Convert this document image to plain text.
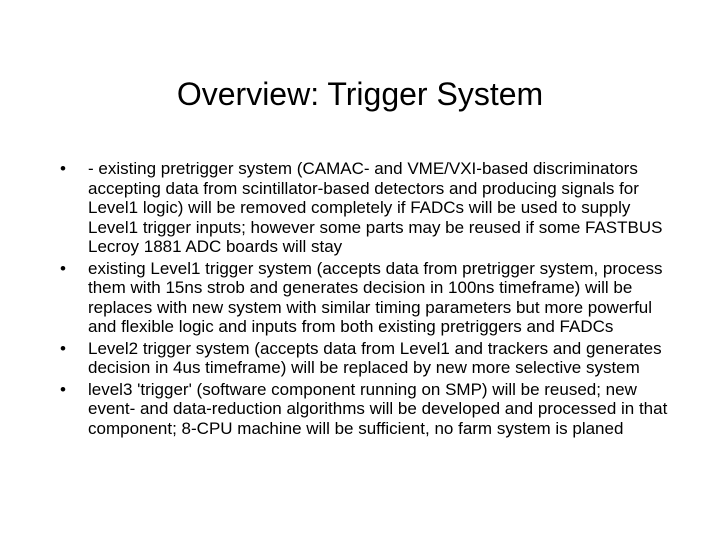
Overview: Trigger System
•	- existing pretrigger system (CAMAC- and VME/VXI-based discriminators accepting data from scintillator-based detectors and producing signals for Level1 logic) will be removed completely if FADCs will be used to supply Level1 trigger inputs; however some parts may be reused if some FASTBUS Lecroy 1881 ADC boards will stay
•	existing Level1 trigger system (accepts data from pretrigger system, process them with 15ns strob and generates decision in 100ns timeframe) will be replaces with new system with similar timing parameters but more powerful and flexible logic and inputs from both existing pretriggers and FADCs
•	Level2 trigger system (accepts data from Level1 and trackers and generates decision in 4us timeframe) will be replaced by new more selective system
•	level3 'trigger' (software component running on SMP) will be reused; new event- and data-reduction algorithms will be developed and processed in that component; 8-CPU machine will be sufficient, no farm system is planed
